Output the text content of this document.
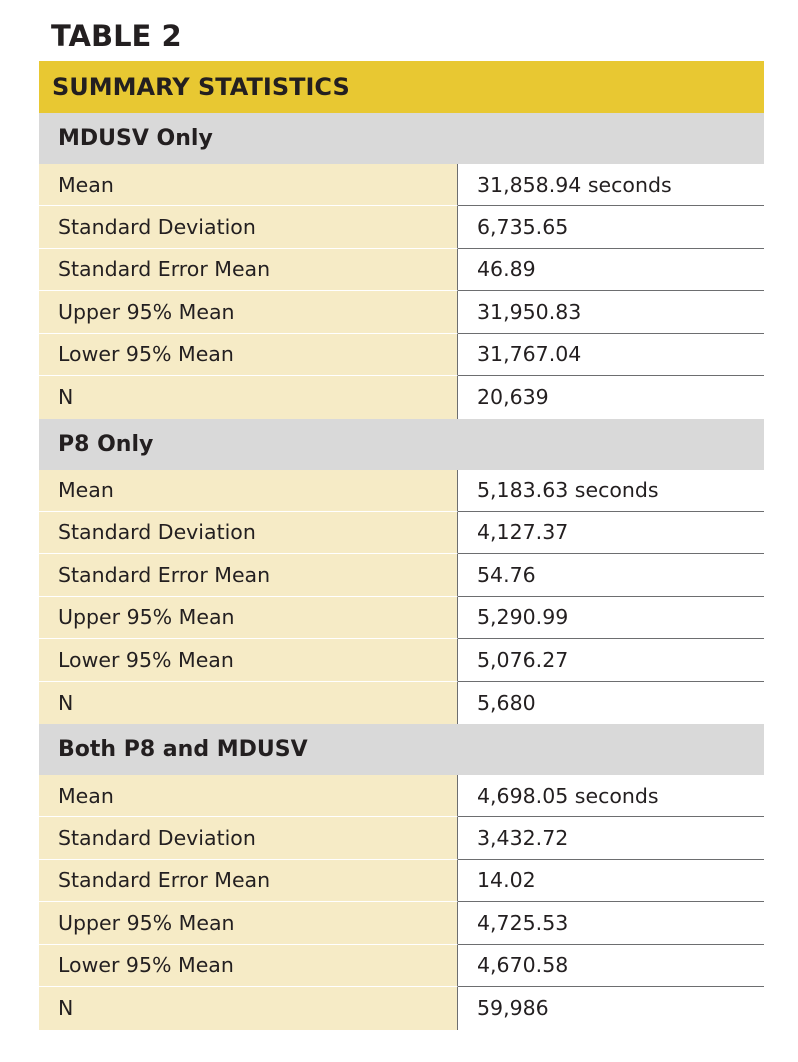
TABLE 2
SUMMARY STATISTICS
MDUSV Only
Mean	31,858.94 seconds
Standard Deviation	6,735.65
Standard Error Mean	46.89
Upper 95% Mean	31,950.83
Lower 95% Mean	31,767.04
N	20,639
P8 Only
Mean	5,183.63 seconds
Standard Deviation	4,127.37
Standard Error Mean	54.76
Upper 95% Mean	5,290.99
Lower 95% Mean	5,076.27
N	5,680
Both P8 and MDUSV
Mean	4,698.05 seconds
Standard Deviation	3,432.72
Standard Error Mean	14.02
Upper 95% Mean	4,725.53
Lower 95% Mean	4,670.58
N	59,986
